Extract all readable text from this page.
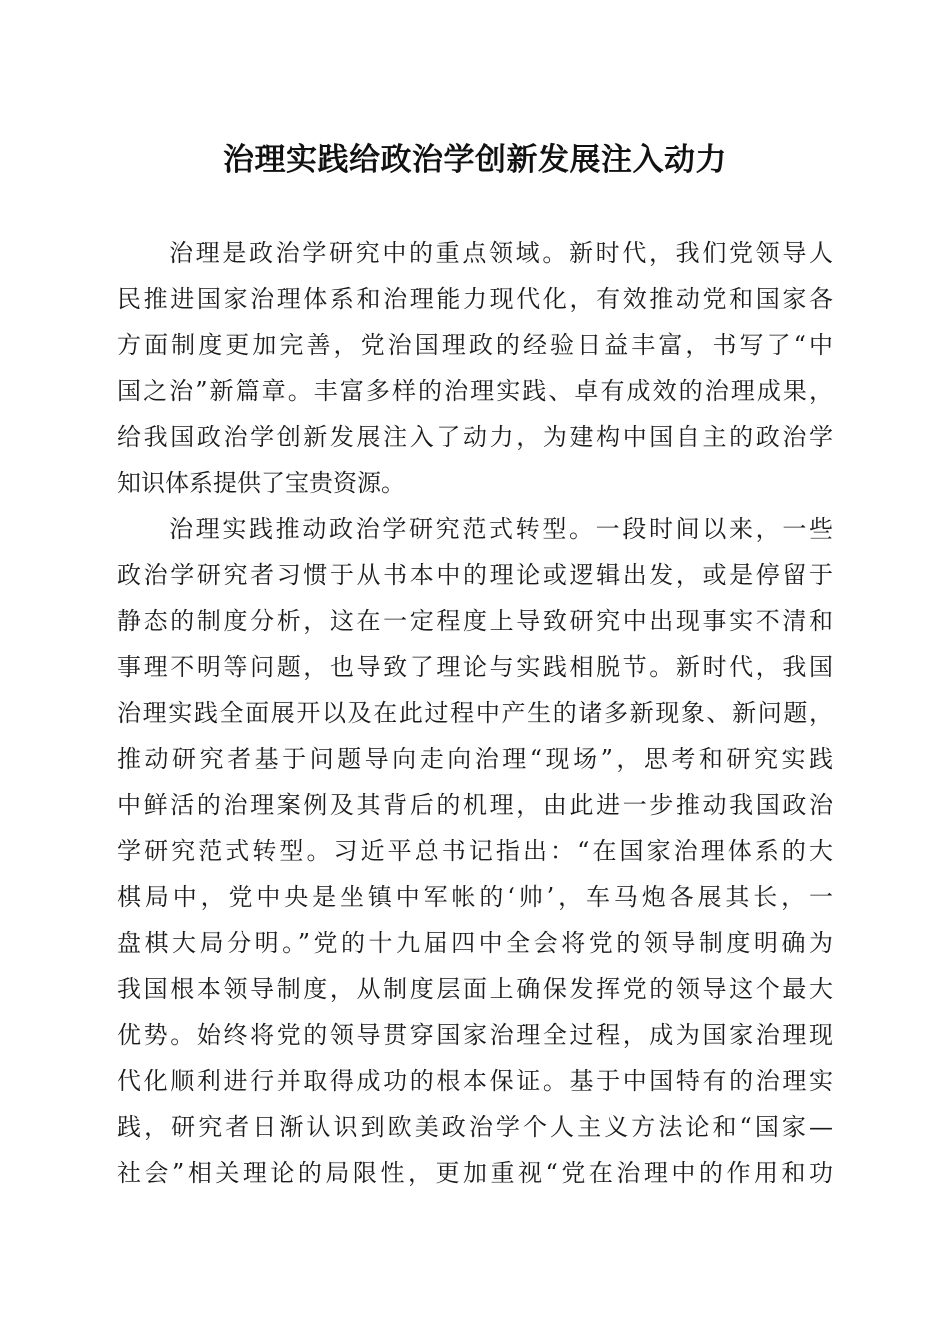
治理实践给政治学创新发展注入动力
治理是政治学研究中的重点领域。新时代，我们党领导人
民推进国家治理体系和治理能力现代化，有效推动党和国家各
方面制度更加完善，党治国理政的经验日益丰富，书写了“中
国之治”新篇章。丰富多样的治理实践、卓有成效的治理成果，
给我国政治学创新发展注入了动力，为建构中国自主的政治学
知识体系提供了宝贵资源。
治理实践推动政治学研究范式转型。一段时间以来，一些
政治学研究者习惯于从书本中的理论或逻辑出发，或是停留于
静态的制度分析，这在一定程度上导致研究中出现事实不清和
事理不明等问题，也导致了理论与实践相脱节。新时代，我国
治理实践全面展开以及在此过程中产生的诸多新现象、新问题，
推动研究者基于问题导向走向治理“现场”，思考和研究实践
中鲜活的治理案例及其背后的机理，由此进一步推动我国政治
学研究范式转型。习近平总书记指出：“在国家治理体系的大
棋局中，党中央是坐镇中军帐的‘帅’，车马炮各展其长，一
盘棋大局分明。”党的十九届四中全会将党的领导制度明确为
我国根本领导制度，从制度层面上确保发挥党的领导这个最大
优势。始终将党的领导贯穿国家治理全过程，成为国家治理现
代化顺利进行并取得成功的根本保证。基于中国特有的治理实
践，研究者日渐认识到欧美政治学个人主义方法论和“国家—
社会”相关理论的局限性，更加重视“党在治理中的作用和功
